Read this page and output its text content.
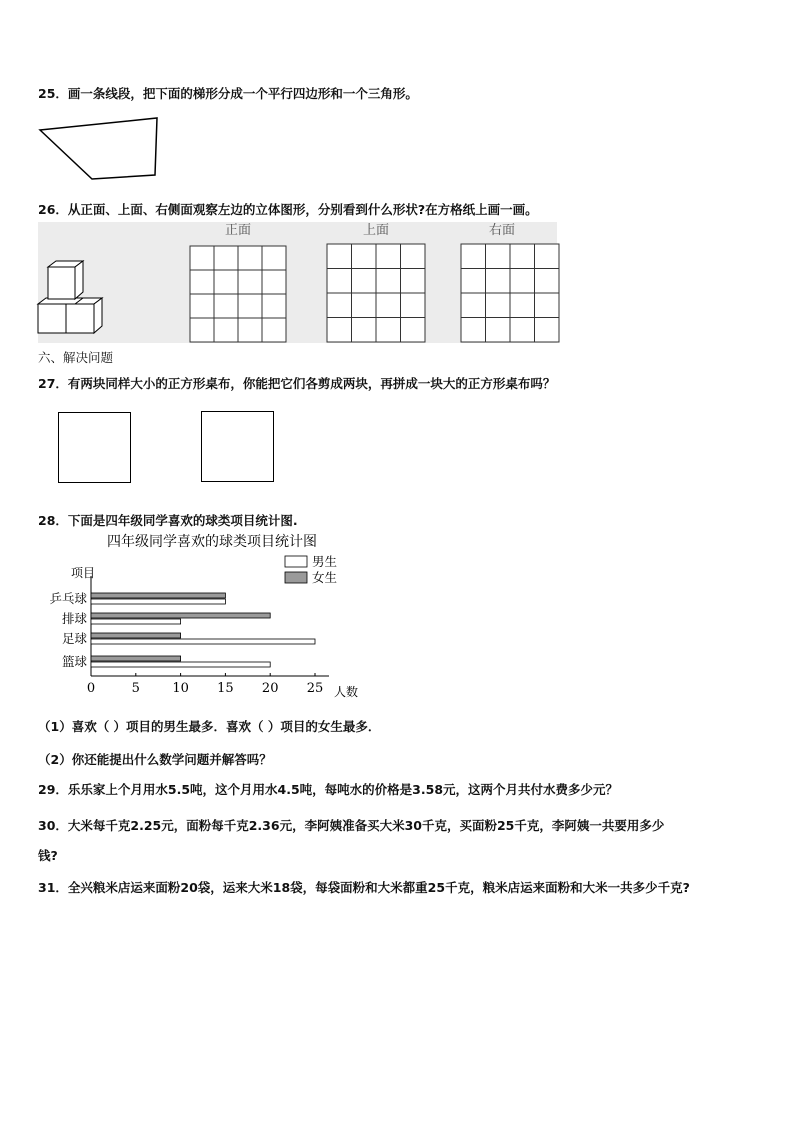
25．画一条线段，把下面的梯形分成一个平行四边形和一个三角形。
26．从正面、上面、右侧面观察左边的立体图形，分别看到什么形状?在方格纸上画一画。
正面	上面	右面
六、解决问题
27．有两块同样大小的正方形桌布，你能把它们各剪成两块，再拼成一块大的正方形桌布吗？
28．下面是四年级同学喜欢的球类项目统计图.
四年级同学喜欢的球类项目统计图
项目
人数
男生
女生
0	5 10 15 20 25
乒乓球
排球
足球
篮球
（1）喜欢（ ）项目的男生最多．喜欢（ ）项目的女生最多．
（2）你还能提出什么数学问题并解答吗？
29．乐乐家上个月用水5.5吨，这个月用水4.5吨，每吨水的价格是3.58元，这两个月共付水费多少元？
30．大米每千克2.25元，面粉每千克2.36元，李阿姨准备买大米30千克，买面粉25千克，李阿姨一共要用多少
钱?
31．全兴粮米店运来面粉20袋，运来大米18袋，每袋面粉和大米都重25千克，粮米店运来面粉和大米一共多少千克?
